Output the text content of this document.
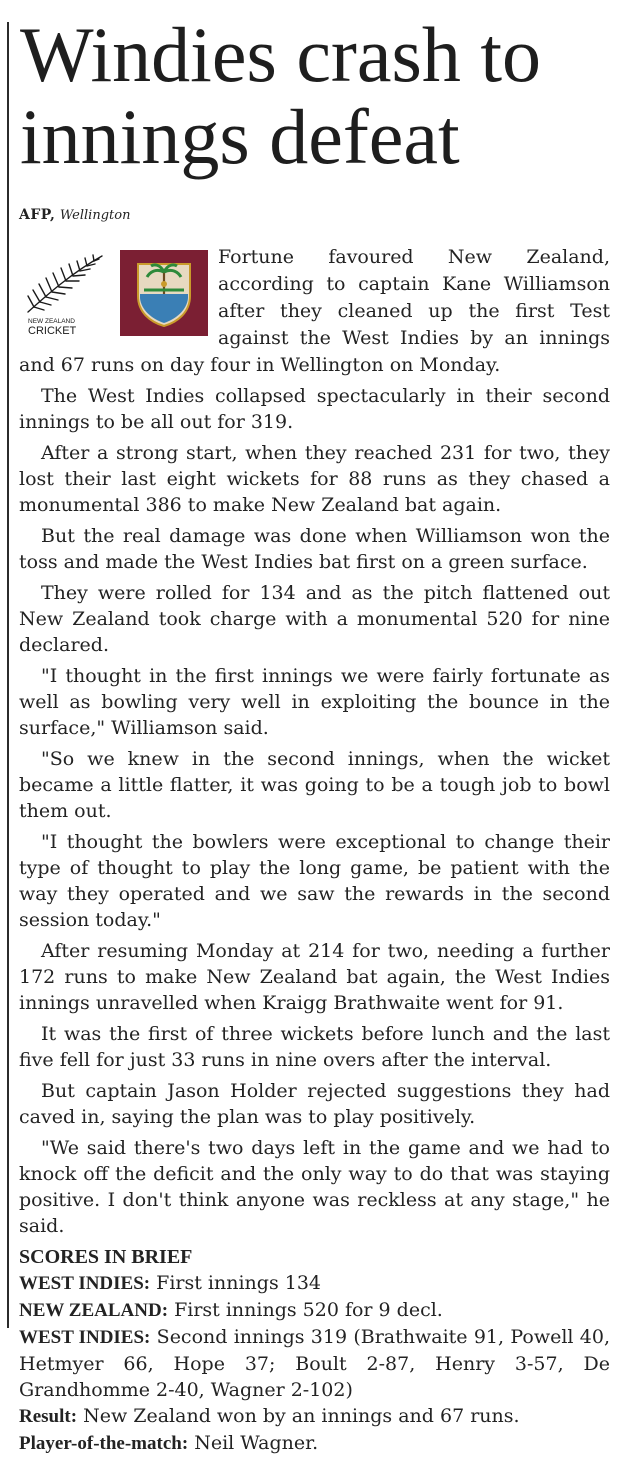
Windies crash to
innings defeat
AFP, Wellington
NEW ZEALAND
CRICKET
Fortune favoured New Zealand,
according to captain Kane Williamson
after they cleaned up the first Test
against the West Indies by an innings

and 67 runs on day four in Wellington on Monday.

The West Indies collapsed spectacularly in their second innings to be all out for 319.

After a strong start, when they reached 231 for two, they lost their last eight wickets for 88 runs as they chased a monumental 386 to make New Zealand bat again.

But the real damage was done when Williamson won the toss and made the West Indies bat first on a green surface.

They were rolled for 134 and as the pitch flattened out New Zealand took charge with a monumental 520 for nine declared.

"I thought in the first innings we were fairly fortunate as well as bowling very well in exploiting the bounce in the surface," Williamson said.

"So we knew in the second innings, when the wicket became a little flatter, it was going to be a tough job to bowl them out.

"I thought the bowlers were exceptional to change their type of thought to play the long game, be patient with the way they operated and we saw the rewards in the second session today."

After resuming Monday at 214 for two, needing a further 172 runs to make New Zealand bat again, the West Indies innings unravelled when Kraigg Brathwaite went for 91.

It was the first of three wickets before lunch and the last five fell for just 33 runs in nine overs after the interval.

But captain Jason Holder rejected suggestions they had caved in, saying the plan was to play positively.

"We said there's two days left in the game and we had to knock off the deficit and the only way to do that was staying positive. I don't think anyone was reckless at any stage," he said.

SCORES IN BRIEF

WEST INDIES: First innings 134

NEW ZEALAND: First innings 520 for 9 decl.

WEST INDIES: Second innings 319 (Brathwaite 91, Powell 40, Hetmyer 66, Hope 37; Boult 2-87, Henry 3-57, De Grandhomme 2-40, Wagner 2-102)

Result: New Zealand won by an innings and 67 runs.

Player-of-the-match: Neil Wagner.
